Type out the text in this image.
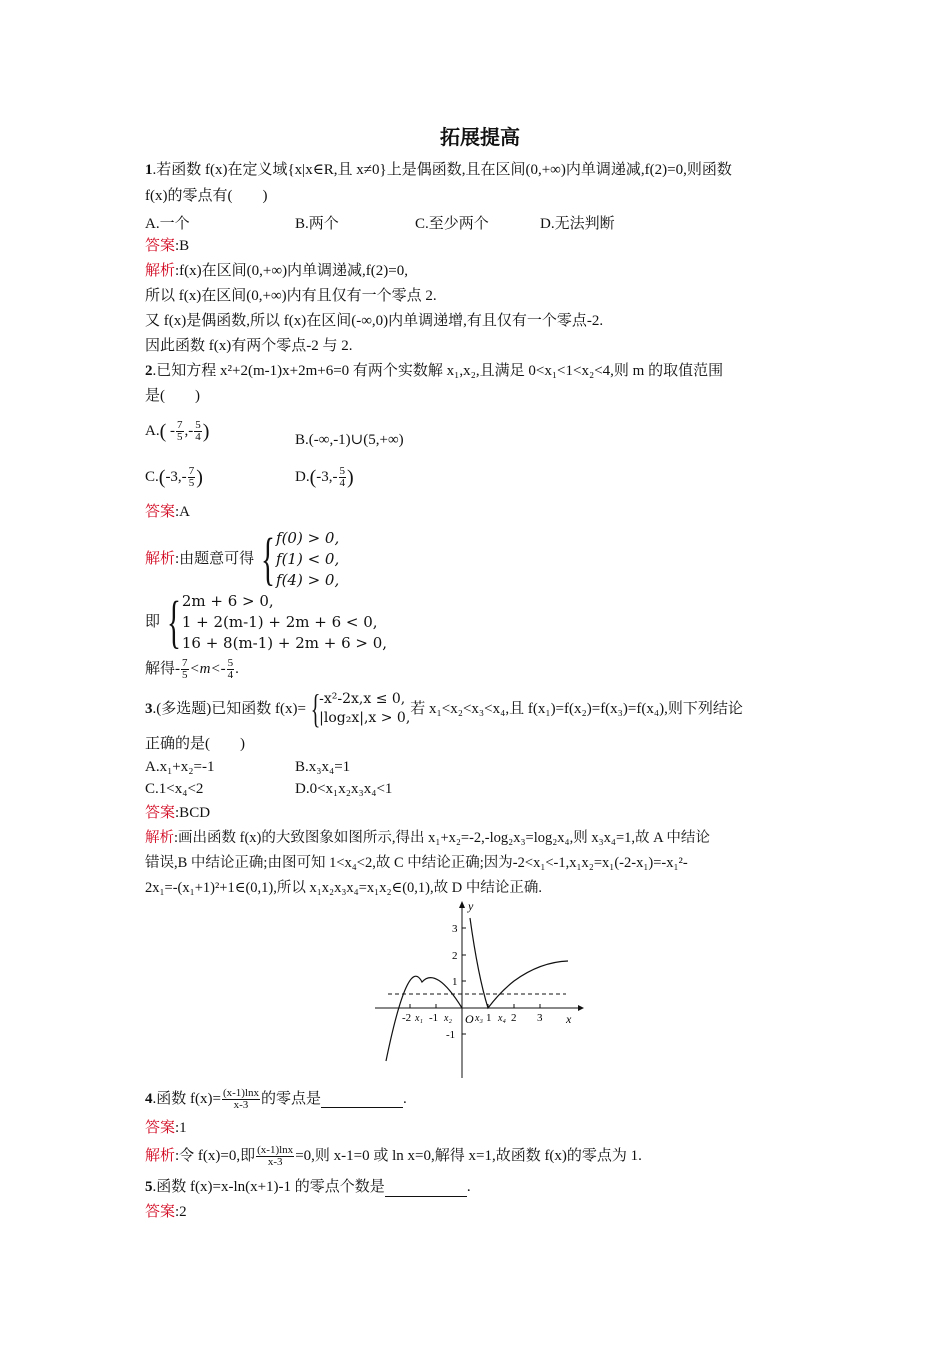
拓展提高
1.若函数 f(x)在定义域{x|x∈R,且 x≠0}上是偶函数,且在区间(0,+∞)内单调递减,f(2)=0,则函数
f(x)的零点有(　　)
A.一个	B.两个	C.至少两个	D.无法判断
答案:B
解析:f(x)在区间(0,+∞)内单调递减,f(2)=0,
所以 f(x)在区间(0,+∞)内有且仅有一个零点 2.
又 f(x)是偶函数,所以 f(x)在区间(-∞,0)内单调递增,有且仅有一个零点-2.
因此函数 f(x)有两个零点-2 与 2.
2.已知方程 x²+2(m-1)x+2m+6=0 有两个实数解 x₁,x₂,且满足 0<x₁<1<x₂<4,则 m 的取值范围
是(　　)
$A.( - \frac{7}{5}$ ,- $\frac{5}{4}$ )	B.(-∞,-1)∪(5,+∞)
$C.(-3,- \frac{7}{5}$ )	$D.(-3,- \frac{5}{4}$ )
答案:A
解析 :由题意可得 { f(0) > 0,
f(1) < 0,
f(4) > 0,
即 { 2m + 6 > 0,
1 + 2(m-1) + 2m + 6 < 0,
16 + 8(m-1) + 2m + 6 > 0,
解得- $\frac{7}{5} <m<- \frac{5}{4}$ .
3 .(多选题)已知函数 f(x)= {
-x²-2x,x ≤ 0,
|log₂x|,x > 0,
若 x₁<x₂<x₃<x₄,且 f(x₁)=f(x₂)=f(x₃)=f(x₄),则下列结论
正确的是(　　)
A.x₁+x₂=-1	B.x₃x₄=1
C.1<x₄<2	D.0<x₁x₂x₃x₄<1
答案:BCD
解析:画出函数 f(x)的大致图象如图所示,得出 x₁+x₂=-2,-log₂x₃=log₂x₄,则 x₃x₄=1,故 A 中结论
错误,B 中结论正确;由图可知 1<x₄<2,故 C 中结论正确;因为-2<x₁<-1,x₁x₂=x₁(-2-x₁)=-x₁²-
2x₁=-(x₁+1)²+1∈(0,1),所以 x₁x₂x₃x₄=x₁x₂∈(0,1),故 D 中结论正确.
y
x
O
3
2
1
-1
-2 x₁ -1 x₂ x₃ 1 x₄ 2 3
4 .函数 $f(x)= \frac{(x-1)\ln x}{x-3}$ 的零点是	.
答案:1
解析 :令 f(x)=0,即 $\frac{(x-1)\ln x}{x-3} =0$,则 x-1=0 或 ln x=0,解得 x=1,故函数 f(x)的零点为 1.
5.函数 f(x)=x-ln(x+1)-1 的零点个数是	.
答案:2
